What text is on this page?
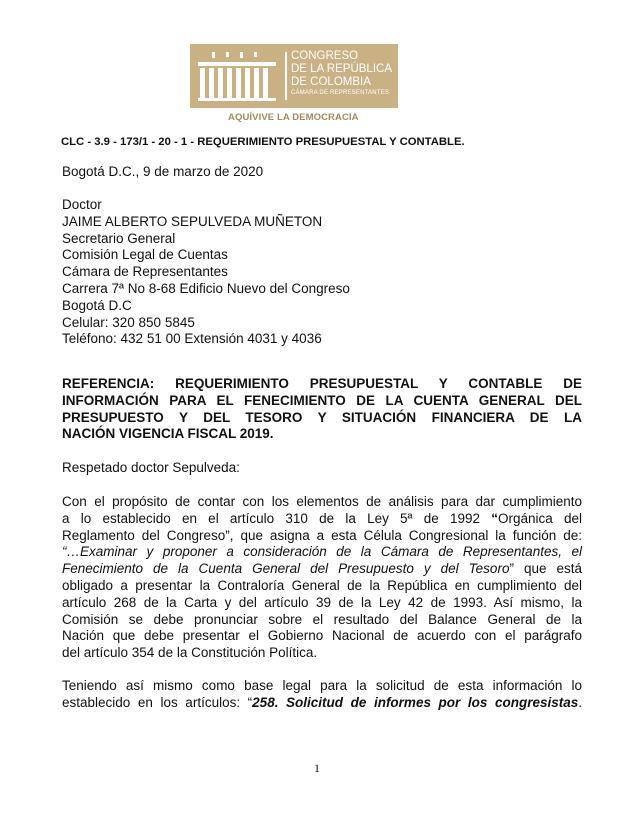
CONGRESO
DE LA REPÚBLICA
DE COLOMBIA
CÁMARA DE REPRESENTANTES
AQUÍVIVE LA DEMOCRACIA
CLC - 3.9 - 173/1 - 20 - 1 - REQUERIMIENTO PRESUPUESTAL Y CONTABLE.
Bogotá D.C., 9 de marzo de 2020
Doctor
JAIME ALBERTO SEPULVEDA MUÑETON
Secretario General
Comisión Legal de Cuentas
Cámara de Representantes
Carrera 7ª No 8-68 Edificio Nuevo del Congreso
Bogotá D.C
Celular: 320 850 5845
Teléfono: 432 51 00 Extensión 4031 y 4036
REFERENCIA: REQUERIMIENTO PRESUPUESTAL Y CONTABLE DE
INFORMACIÓN PARA EL FENECIMIENTO DE LA CUENTA GENERAL DEL
PRESUPUESTO Y DEL TESORO Y SITUACIÓN FINANCIERA DE LA
NACIÓN VIGENCIA FISCAL 2019.
Respetado doctor Sepulveda:
Con el propósito de contar con los elementos de análisis para dar cumplimiento
a lo establecido en el artículo 310 de la Ley 5ª de 1992 “Orgánica del
Reglamento del Congreso”, que asigna a esta Célula Congresional la función de:
“…Examinar y proponer a consideración de la Cámara de Representantes, el
Fenecimiento de la Cuenta General del Presupuesto y del Tesoro” que está
obligado a presentar la Contraloría General de la República en cumplimiento del
artículo 268 de la Carta y del artículo 39 de la Ley 42 de 1993. Así mismo, la
Comisión se debe pronunciar sobre el resultado del Balance General de la
Nación que debe presentar el Gobierno Nacional de acuerdo con el parágrafo
del artículo 354 de la Constitución Política.
Teniendo así mismo como base legal para la solicitud de esta información lo
establecido en los artículos: “258. Solicitud de informes por los congresistas.
1
